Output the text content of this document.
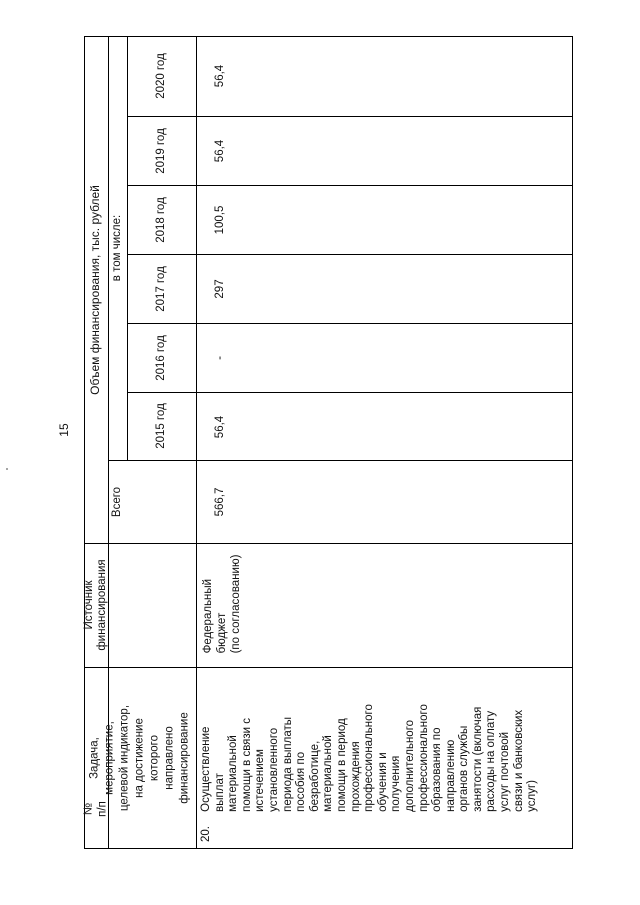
15
№ п/п
Задача, мероприятие, целевой индикатор, на достижение которого направлено финансирование
Источник финансирования
Объем финансирования, тыс. рублей
Всего
в том числе:
2015 год
2016 год
2017 год
2018 год
2019 год
2020 год
20.
Осуществление выплат материальной помощи в связи с истечением установленного периода выплаты пособия по безработице, материальной помощи в период прохождения профессионального обучения и получения дополнительного профессионального образования по направлению органов службы занятости (включая расходы на оплату услуг почтовой связи и банковских услуг)
Федеральный бюджет (по согласованию)
566,7
56,4
-
297
100,5
56,4
56,4
